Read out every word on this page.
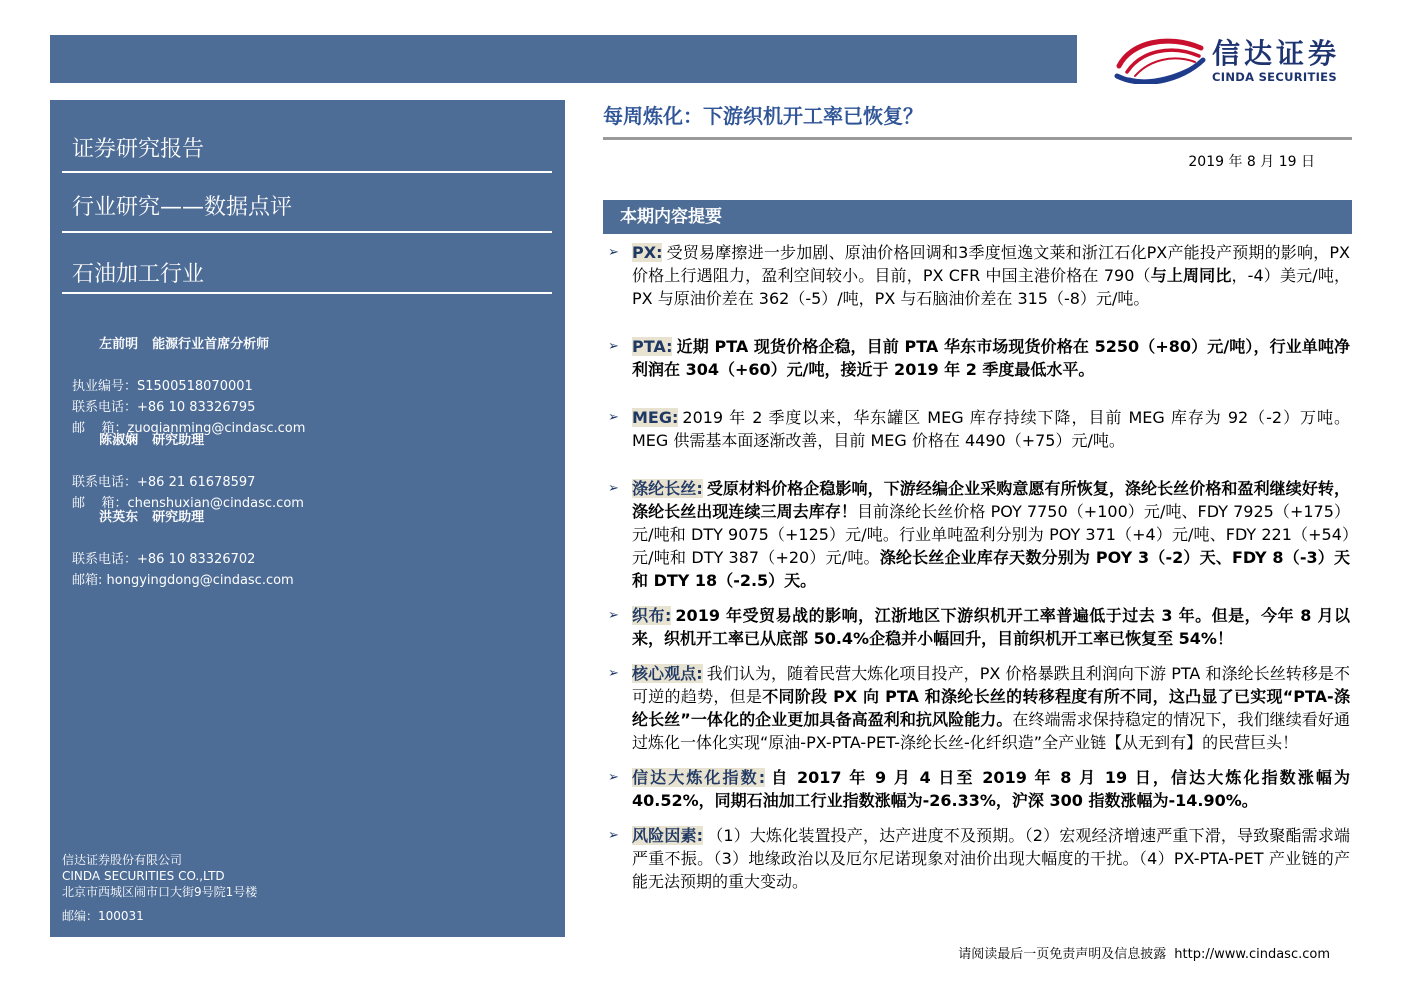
信达证券
CINDA SECURITIES
证券研究报告
行业研究——数据点评
石油加工行业

左前明 能源行业首席分析师

执业编号：S1500518070001
联系电话：+86 10 83326795
邮    箱：zuoqianming@cindasc.com

陈淑娴 研究助理

联系电话：+86 21 61678597
邮    箱：chenshuxian@cindasc.com

洪英东 研究助理

联系电话：+86 10 83326702
邮箱: hongyingdong@cindasc.com
信达证券股份有限公司
CINDA SECURITIES CO.,LTD
北京市西城区闹市口大街9号院1号楼
邮编：100031
每周炼化：下游织机开工率已恢复？
2019 年 8 月 19 日
本期内容提要
➢ PX: 受贸易摩擦进一步加剧、原油价格回调和3季度恒逸文莱和浙江石化PX产能投产预期的影响，PX 价格上行遇阻力，盈利空间较小。目前，PX CFR 中国主港价格在 790（与上周同比，-4）美元/吨，PX 与原油价差在 362（-5）/吨，PX 与石脑油价差在 315（-8）元/吨。
➢ PTA: 近期 PTA 现货价格企稳，目前 PTA 华东市场现货价格在 5250（+80）元/吨），行业单吨净利润在 304（+60）元/吨，接近于 2019 年 2 季度最低水平。
➢ MEG: 2019 年 2 季度以来，华东罐区 MEG 库存持续下降，目前 MEG 库存为 92（-2）万吨。MEG 供需基本面逐渐改善，目前 MEG 价格在 4490（+75）元/吨。
➢ 涤纶长丝: 受原材料价格企稳影响，下游经编企业采购意愿有所恢复，涤纶长丝价格和盈利继续好转，涤纶长丝出现连续三周去库存！目前涤纶长丝价格 POY 7750（+100）元/吨、FDY 7925（+175）元/吨和 DTY 9075（+125）元/吨。行业单吨盈利分别为 POY 371（+4）元/吨、FDY 221（+54）元/吨和 DTY 387（+20）元/吨。涤纶长丝企业库存天数分别为 POY 3（-2）天、FDY 8（-3）天和 DTY 18（-2.5）天。
➢ 织布: 2019 年受贸易战的影响，江浙地区下游织机开工率普遍低于过去 3 年。但是，今年 8 月以来，织机开工率已从底部 50.4%企稳并小幅回升，目前织机开工率已恢复至 54%！
➢ 核心观点: 我们认为，随着民营大炼化项目投产，PX 价格暴跌且利润向下游 PTA 和涤纶长丝转移是不可逆的趋势，但是不同阶段 PX 向 PTA 和涤纶长丝的转移程度有所不同，这凸显了已实现“PTA-涤纶长丝”一体化的企业更加具备高盈利和抗风险能力。在终端需求保持稳定的情况下，我们继续看好通过炼化一体化实现“原油-PX-PTA-PET-涤纶长丝-化纤织造”全产业链【从无到有】的民营巨头！
➢ 信达大炼化指数: 自 2017 年 9 月 4 日至 2019 年 8 月 19 日，信达大炼化指数涨幅为 40.52%，同期石油加工行业指数涨幅为-26.33%，沪深 300 指数涨幅为-14.90%。
➢ 风险因素: （1）大炼化装置投产，达产进度不及预期。（2）宏观经济增速严重下滑，导致聚酯需求端严重不振。（3）地缘政治以及厄尔尼诺现象对油价出现大幅度的干扰。（4）PX-PTA-PET 产业链的产能无法预期的重大变动。
请阅读最后一页免责声明及信息披露 http://www.cindasc.com
